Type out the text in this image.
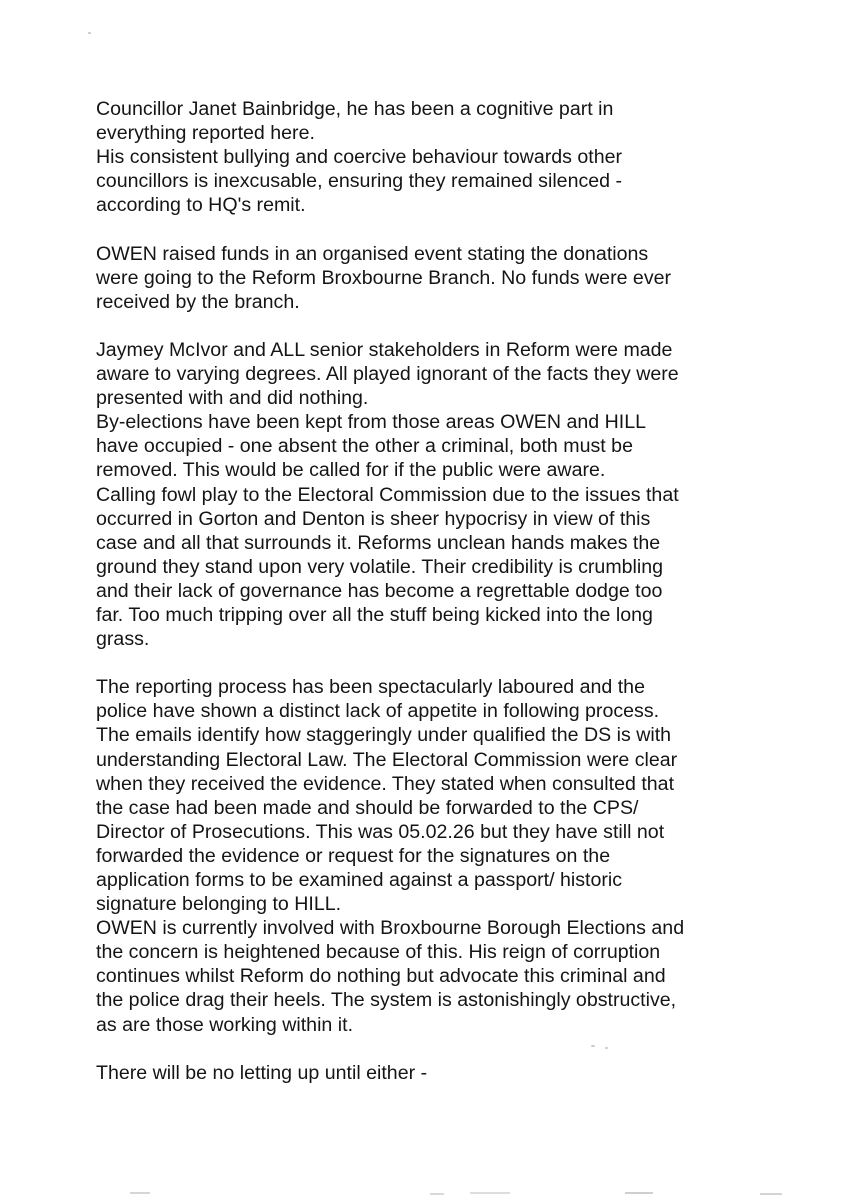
Councillor Janet Bainbridge, he has been a cognitive part in
everything reported here.
His consistent bullying and coercive behaviour towards other
councillors is inexcusable, ensuring they remained silenced -
according to HQ's remit.
OWEN raised funds in an organised event stating the donations
were going to the Reform Broxbourne Branch. No funds were ever
received by the branch.
Jaymey McIvor and ALL senior stakeholders in Reform were made
aware to varying degrees. All played ignorant of the facts they were
presented with and did nothing.
By-elections have been kept from those areas OWEN and HILL
have occupied - one absent the other a criminal, both must be
removed. This would be called for if the public were aware.
Calling fowl play to the Electoral Commission due to the issues that
occurred in Gorton and Denton is sheer hypocrisy in view of this
case and all that surrounds it. Reforms unclean hands makes the
ground they stand upon very volatile. Their credibility is crumbling
and their lack of governance has become a regrettable dodge too
far. Too much tripping over all the stuff being kicked into the long
grass.
The reporting process has been spectacularly laboured and the
police have shown a distinct lack of appetite in following process.
The emails identify how staggeringly under qualified the DS is with
understanding Electoral Law. The Electoral Commission were clear
when they received the evidence. They stated when consulted that
the case had been made and should be forwarded to the CPS/
Director of Prosecutions. This was 05.02.26 but they have still not
forwarded the evidence or request for the signatures on the
application forms to be examined against a passport/ historic
signature belonging to HILL.
OWEN is currently involved with Broxbourne Borough Elections and
the concern is heightened because of this. His reign of corruption
continues whilst Reform do nothing but advocate this criminal and
the police drag their heels. The system is astonishingly obstructive,
as are those working within it.
There will be no letting up until either -
